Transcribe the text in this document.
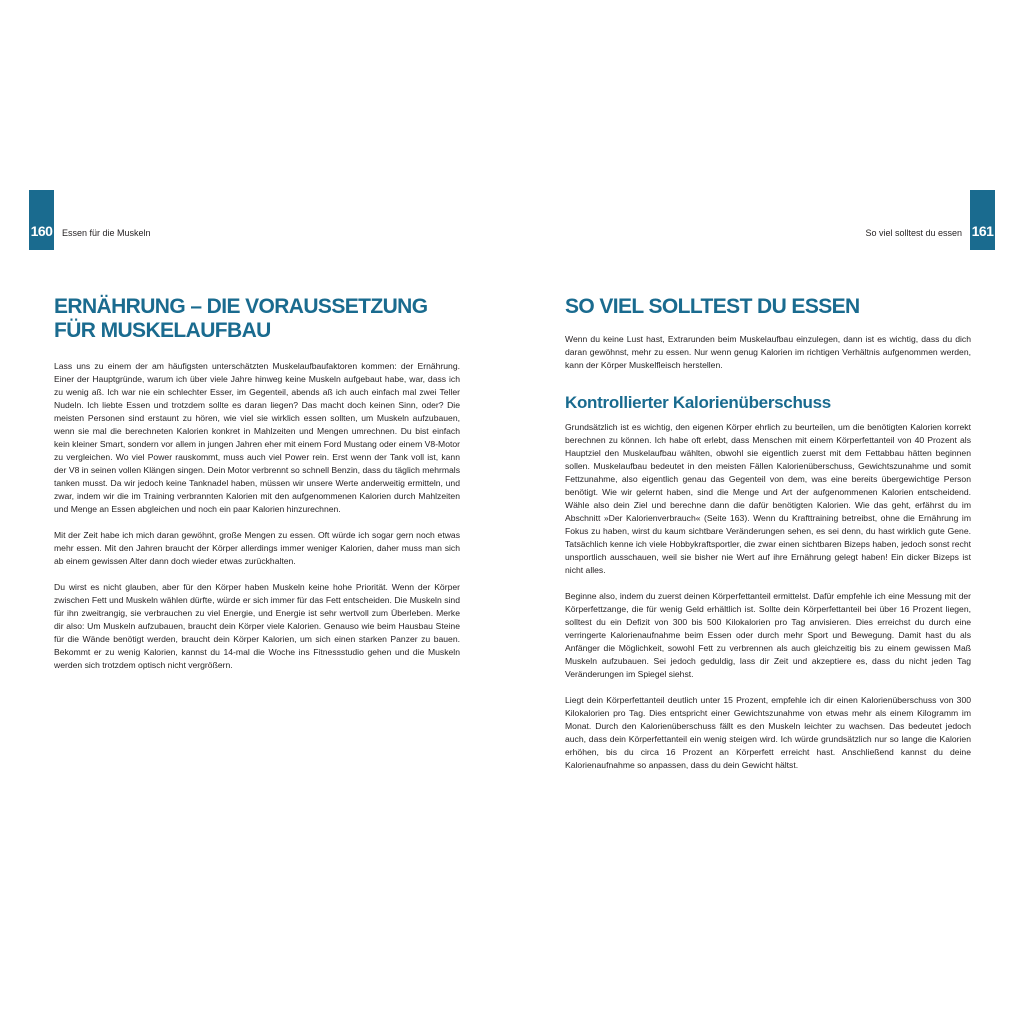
160 Essen für die Muskeln
ERNÄHRUNG – DIE VORAUSSETZUNG
FÜR MUSKELAUFBAU

Lass uns zu einem der am häufigsten unterschätzten Muskelaufbaufaktoren kommen: der Ernährung. Einer der Hauptgründe, warum ich über viele Jahre hinweg keine Muskeln aufgebaut habe, war, dass ich zu wenig aß. Ich war nie ein schlechter Esser, im Gegenteil, abends aß ich auch einfach mal zwei Teller Nudeln. Ich liebte Essen und trotzdem sollte es daran liegen? Das macht doch keinen Sinn, oder? Die meisten Personen sind erstaunt zu hören, wie viel sie wirklich essen sollten, um Muskeln aufzubauen, wenn sie mal die berechneten Kalorien konkret in Mahlzeiten und Mengen umrechnen. Du bist einfach kein kleiner Smart, sondern vor allem in jungen Jahren eher mit einem Ford Mustang oder einem V8-Motor zu vergleichen. Wo viel Power rauskommt, muss auch viel Power rein. Erst wenn der Tank voll ist, kann der V8 in seinen vollen Klängen singen. Dein Motor verbrennt so schnell Benzin, dass du täglich mehrmals tanken musst. Da wir jedoch keine Tanknadel haben, müssen wir unsere Werte anderweitig ermitteln, und zwar, indem wir die im Training verbrannten Kalorien mit den aufgenommenen Kalorien durch Mahlzeiten und Menge an Essen abgleichen und noch ein paar Kalorien hinzurechnen.

Mit der Zeit habe ich mich daran gewöhnt, große Mengen zu essen. Oft würde ich sogar gern noch etwas mehr essen. Mit den Jahren braucht der Körper allerdings immer weniger Kalorien, daher muss man sich ab einem gewissen Alter dann doch wieder etwas zurückhalten.

Du wirst es nicht glauben, aber für den Körper haben Muskeln keine hohe Priorität. Wenn der Körper zwischen Fett und Muskeln wählen dürfte, würde er sich immer für das Fett entscheiden. Die Muskeln sind für ihn zweitrangig, sie verbrauchen zu viel Energie, und Energie ist sehr wertvoll zum Überleben. Merke dir also: Um Muskeln aufzubauen, braucht dein Körper viele Kalorien. Genauso wie beim Hausbau Steine für die Wände benötigt werden, braucht dein Körper Kalorien, um sich einen starken Panzer zu bauen. Bekommt er zu wenig Kalorien, kannst du 14-mal die Woche ins Fitnessstudio gehen und die Muskeln werden sich trotzdem optisch nicht vergrößern.

161
So viel solltest du essen
SO VIEL SOLLTEST DU ESSEN

Wenn du keine Lust hast, Extrarunden beim Muskelaufbau einzulegen, dann ist es wichtig, dass du dich daran gewöhnst, mehr zu essen. Nur wenn genug Kalorien im richtigen Verhältnis aufgenommen werden, kann der Körper Muskelfleisch herstellen.

Kontrollierter Kalorienüberschuss

Grundsätzlich ist es wichtig, den eigenen Körper ehrlich zu beurteilen, um die benötigten Kalorien korrekt berechnen zu können. Ich habe oft erlebt, dass Menschen mit einem Körperfettanteil von 40 Prozent als Hauptziel den Muskelaufbau wählten, obwohl sie eigentlich zuerst mit dem Fettabbau hätten beginnen sollen. Muskelaufbau bedeutet in den meisten Fällen Kalorienüberschuss, Gewichtszunahme und somit Fettzunahme, also eigentlich genau das Gegenteil von dem, was eine bereits übergewichtige Person benötigt. Wie wir gelernt haben, sind die Menge und Art der aufgenommenen Kalorien entscheidend. Wähle also dein Ziel und berechne dann die dafür benötigten Kalorien. Wie das geht, erfährst du im Abschnitt »Der Kalorienverbrauch« (Seite 163). Wenn du Krafttraining betreibst, ohne die Ernährung im Fokus zu haben, wirst du kaum sichtbare Veränderungen sehen, es sei denn, du hast wirklich gute Gene. Tatsächlich kenne ich viele Hobbykraftsportler, die zwar einen sichtbaren Bizeps haben, jedoch sonst recht unsportlich ausschauen, weil sie bisher nie Wert auf ihre Ernährung gelegt haben! Ein dicker Bizeps ist nicht alles.

Beginne also, indem du zuerst deinen Körperfettanteil ermittelst. Dafür empfehle ich eine Messung mit der Körperfettzange, die für wenig Geld erhältlich ist. Sollte dein Körperfettanteil bei über 16 Prozent liegen, solltest du ein Defizit von 300 bis 500 Kilokalorien pro Tag anvisieren. Dies erreichst du durch eine verringerte Kalorienaufnahme beim Essen oder durch mehr Sport und Bewegung. Damit hast du als Anfänger die Möglichkeit, sowohl Fett zu verbrennen als auch gleichzeitig bis zu einem gewissen Maß Muskeln aufzubauen. Sei jedoch geduldig, lass dir Zeit und akzeptiere es, dass du nicht jeden Tag Veränderungen im Spiegel siehst.

Liegt dein Körperfettanteil deutlich unter 15 Prozent, empfehle ich dir einen Kalorienüberschuss von 300 Kilokalorien pro Tag. Dies entspricht einer Gewichtszunahme von etwas mehr als einem Kilogramm im Monat. Durch den Kalorienüberschuss fällt es den Muskeln leichter zu wachsen. Das bedeutet jedoch auch, dass dein Körperfettanteil ein wenig steigen wird. Ich würde grundsätzlich nur so lange die Kalorien erhöhen, bis du circa 16 Prozent an Körperfett erreicht hast. Anschließend kannst du deine Kalorienaufnahme so anpassen, dass du dein Gewicht hältst.
